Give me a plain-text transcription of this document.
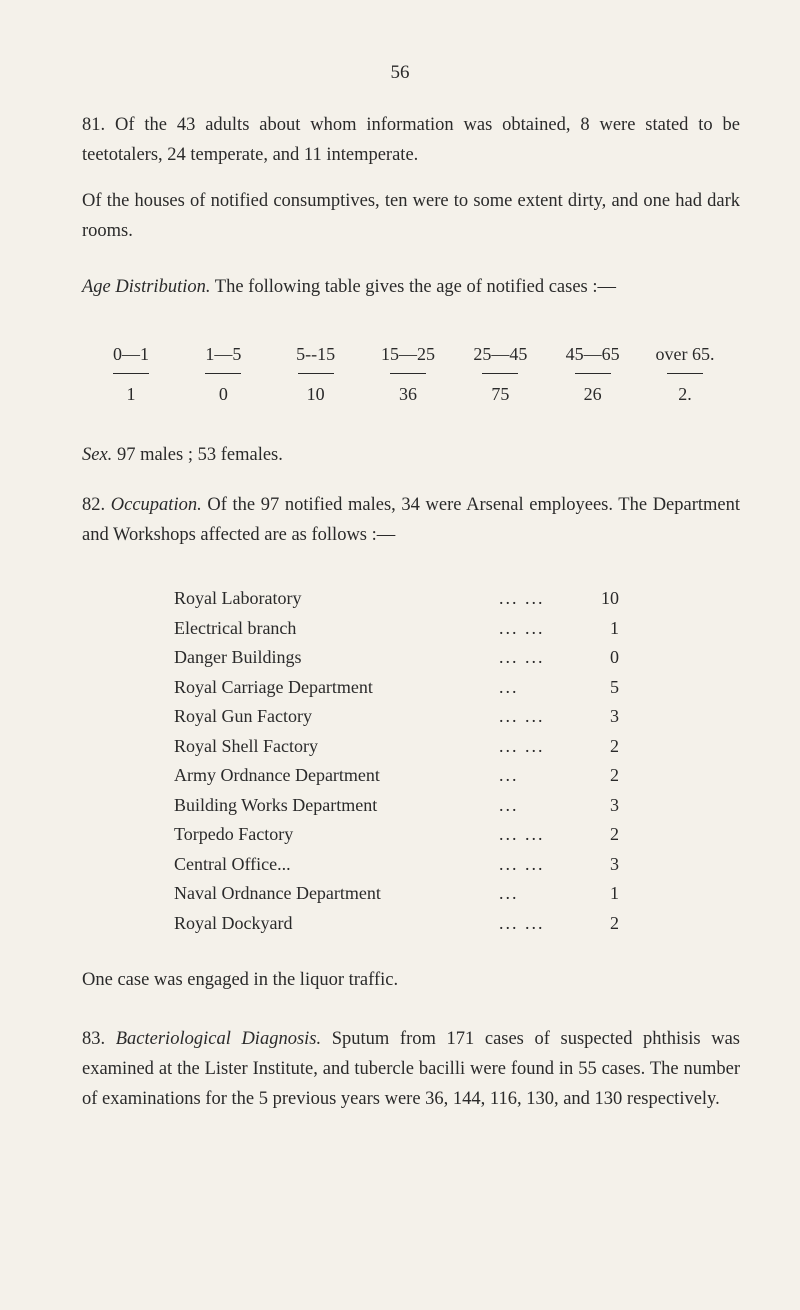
56

81. Of the 43 adults about whom information was obtained, 8 were stated to be teetotalers, 24 temperate, and 11 intemperate.

Of the houses of notified consumptives, ten were to some extent dirty, and one had dark rooms.

Age Distribution. The following table gives the age of notified cases :—

0—1	1—5	5--15	15—25	25—45	45—65	over 65.
1	0	10	36	75	26	2.

Sex. 97 males ; 53 females.

82. Occupation. Of the 97 notified males, 34 were Arsenal employees. The Department and Workshops affected are as follows :—

Royal Laboratory	... ...	10
Electrical branch	... ...	1
Danger Buildings	... ...	0
Royal Carriage Department	...	5
Royal Gun Factory	... ...	3
Royal Shell Factory	... ...	2
Army Ordnance Department	...	2
Building Works Department	...	3
Torpedo Factory	... ...	2
Central Office...	... ...	3
Naval Ordnance Department	...	1
Royal Dockyard	... ...	2

One case was engaged in the liquor traffic.

83. Bacteriological Diagnosis. Sputum from 171 cases of suspected phthisis was examined at the Lister Institute, and tubercle bacilli were found in 55 cases. The number of examinations for the 5 previous years were 36, 144, 116, 130, and 130 respectively.
